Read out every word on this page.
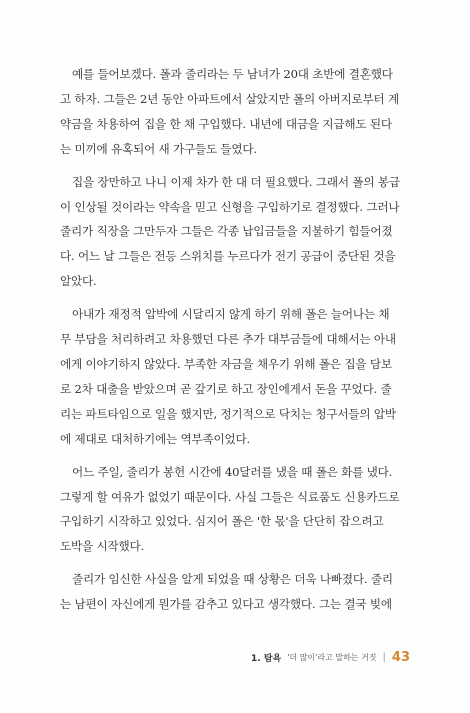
예를 들어보겠다. 폴과 줄리라는 두 남녀가 20대 초반에 결혼했다
고 하자. 그들은 2년 동안 아파트에서 살았지만 폴의 아버지로부터 계
약금을 차용하여 집을 한 채 구입했다. 내년에 대금을 지급해도 된다
는 미끼에 유혹되어 새 가구들도 들였다.

집을 장만하고 나니 이제 차가 한 대 더 필요했다. 그래서 폴의 봉급
이 인상될 것이라는 약속을 믿고 신형을 구입하기로 결정했다. 그러나
줄리가 직장을 그만두자 그들은 각종 납입금들을 지불하기 힘들어졌
다. 어느 날 그들은 전등 스위치를 누르다가 전기 공급이 중단된 것을
알았다.

아내가 재정적 압박에 시달리지 않게 하기 위해 폴은 늘어나는 채
무 부담을 처리하려고 차용했던 다른 추가 대부금들에 대해서는 아내
에게 이야기하지 않았다. 부족한 자금을 채우기 위해 폴은 집을 담보
로 2차 대출을 받았으며 곧 갚기로 하고 장인에게서 돈을 꾸었다. 줄
리는 파트타임으로 일을 했지만, 정기적으로 닥치는 청구서들의 압박
에 제대로 대처하기에는 역부족이었다.

어느 주일, 줄리가 봉헌 시간에 40달러를 냈을 때 폴은 화를 냈다.
그렇게 할 여유가 없었기 때문이다. 사실 그들은 식료품도 신용카드로
구입하기 시작하고 있었다. 심지어 폴은 '한 몫'을 단단히 잡으려고
도박을 시작했다.

줄리가 임신한 사실을 알게 되었을 때 상황은 더욱 나빠졌다. 줄리
는 남편이 자신에게 뭔가를 감추고 있다고 생각했다. 그는 결국 빚에

1. 탐욕 '더 많이'라고 말하는 거짓 | 43
